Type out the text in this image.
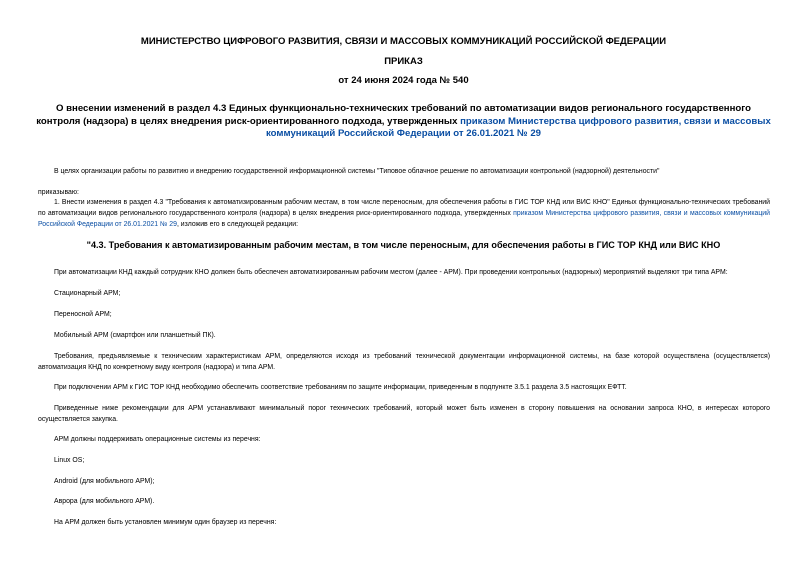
МИНИСТЕРСТВО ЦИФРОВОГО РАЗВИТИЯ, СВЯЗИ И МАССОВЫХ КОММУНИКАЦИЙ РОССИЙСКОЙ ФЕДЕРАЦИИ
ПРИКАЗ
от 24 июня 2024 года № 540
О внесении изменений в раздел 4.3 Единых функционально-технических требований по автоматизации видов регионального государственного контроля (надзора) в целях внедрения риск-ориентированного подхода, утвержденных приказом Министерства цифрового развития, связи и массовых коммуникаций Российской Федерации от 26.01.2021 № 29
В целях организации работы по развитию и внедрению государственной информационной системы "Типовое облачное решение по автоматизации контрольной (надзорной) деятельности"
приказываю:
1. Внести изменения в раздел 4.3 "Требования к автоматизированным рабочим местам, в том числе переносным, для обеспечения работы в ГИС ТОР КНД или ВИС КНО" Единых функционально-технических требований по автоматизации видов регионального государственного контроля (надзора) в целях внедрения риск-ориентированного подхода, утвержденных приказом Министерства цифрового развития, связи и массовых коммуникаций Российской Федерации от 26.01.2021 № 29, изложив его в следующей редакции:
"4.3. Требования к автоматизированным рабочим местам, в том числе переносным, для обеспечения работы в ГИС ТОР КНД или ВИС КНО
При автоматизации КНД каждый сотрудник КНО должен быть обеспечен автоматизированным рабочим местом (далее - АРМ). При проведении контрольных (надзорных) мероприятий выделяют три типа АРМ:
Стационарный АРМ;
Переносной АРМ;
Мобильный АРМ (смартфон или планшетный ПК).
Требования, предъявляемые к техническим характеристикам АРМ, определяются исходя из требований технической документации информационной системы, на базе которой осуществлена (осуществляется) автоматизация КНД по конкретному виду контроля (надзора) и типа АРМ.
При подключении АРМ к ГИС ТОР КНД необходимо обеспечить соответствие требованиям по защите информации, приведенным в подпункте 3.5.1 раздела 3.5 настоящих ЕФТТ.
Приведенные ниже рекомендации для АРМ устанавливают минимальный порог технических требований, который может быть изменен в сторону повышения на основании запроса КНО, в интересах которого осуществляется закупка.
АРМ должны поддерживать операционные системы из перечня:
Linux OS;
Android (для мобильного АРМ);
Аврора (для мобильного АРМ).
На АРМ должен быть установлен минимум один браузер из перечня:
